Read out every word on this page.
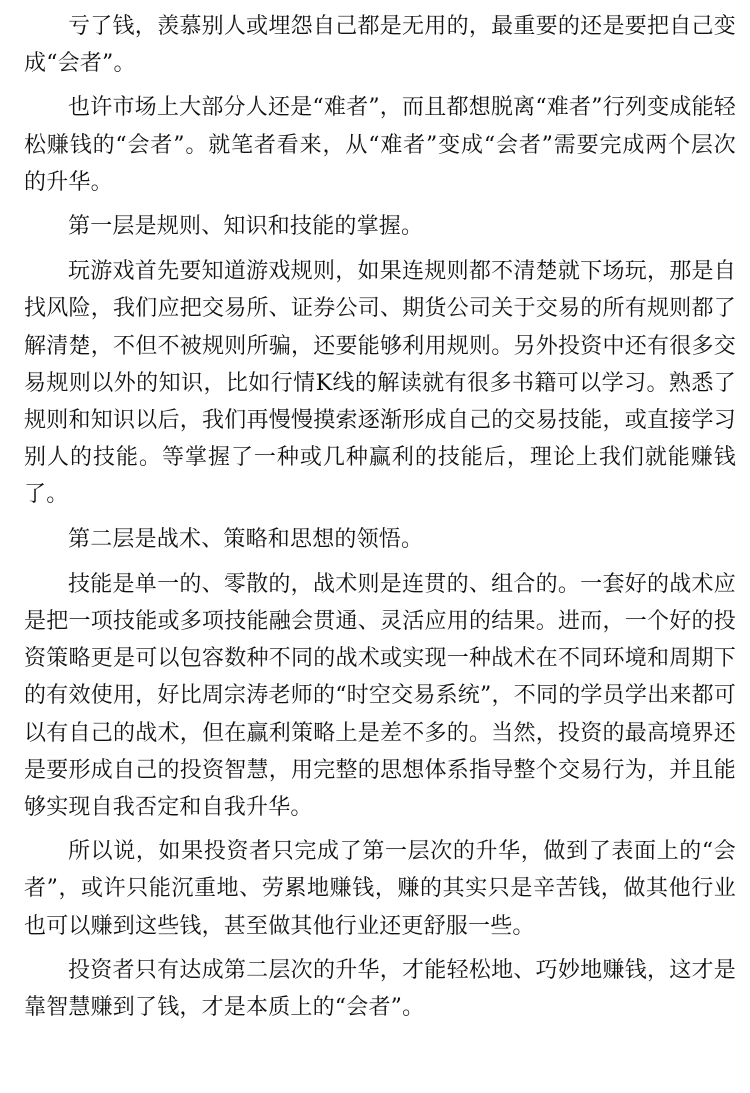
亏了钱，羡慕别人或埋怨自己都是无用的，最重要的还是要把自己变成“会者”。

也许市场上大部分人还是“难者”，而且都想脱离“难者”行列变成能轻松赚钱的“会者”。就笔者看来，从“难者”变成“会者”需要完成两个层次的升华。

第一层是规则、知识和技能的掌握。

玩游戏首先要知道游戏规则，如果连规则都不清楚就下场玩，那是自找风险，我们应把交易所、证券公司、期货公司关于交易的所有规则都了解清楚，不但不被规则所骗，还要能够利用规则。另外投资中还有很多交易规则以外的知识，比如行情K线的解读就有很多书籍可以学习。熟悉了规则和知识以后，我们再慢慢摸索逐渐形成自己的交易技能，或直接学习别人的技能。等掌握了一种或几种赢利的技能后，理论上我们就能赚钱了。

第二层是战术、策略和思想的领悟。

技能是单一的、零散的，战术则是连贯的、组合的。一套好的战术应是把一项技能或多项技能融会贯通、灵活应用的结果。进而，一个好的投资策略更是可以包容数种不同的战术或实现一种战术在不同环境和周期下的有效使用，好比周宗涛老师的“时空交易系统”，不同的学员学出来都可以有自己的战术，但在赢利策略上是差不多的。当然，投资的最高境界还是要形成自己的投资智慧，用完整的思想体系指导整个交易行为，并且能够实现自我否定和自我升华。

所以说，如果投资者只完成了第一层次的升华，做到了表面上的“会者”，或许只能沉重地、劳累地赚钱，赚的其实只是辛苦钱，做其他行业也可以赚到这些钱，甚至做其他行业还更舒服一些。

投资者只有达成第二层次的升华，才能轻松地、巧妙地赚钱，这才是靠智慧赚到了钱，才是本质上的“会者”。
